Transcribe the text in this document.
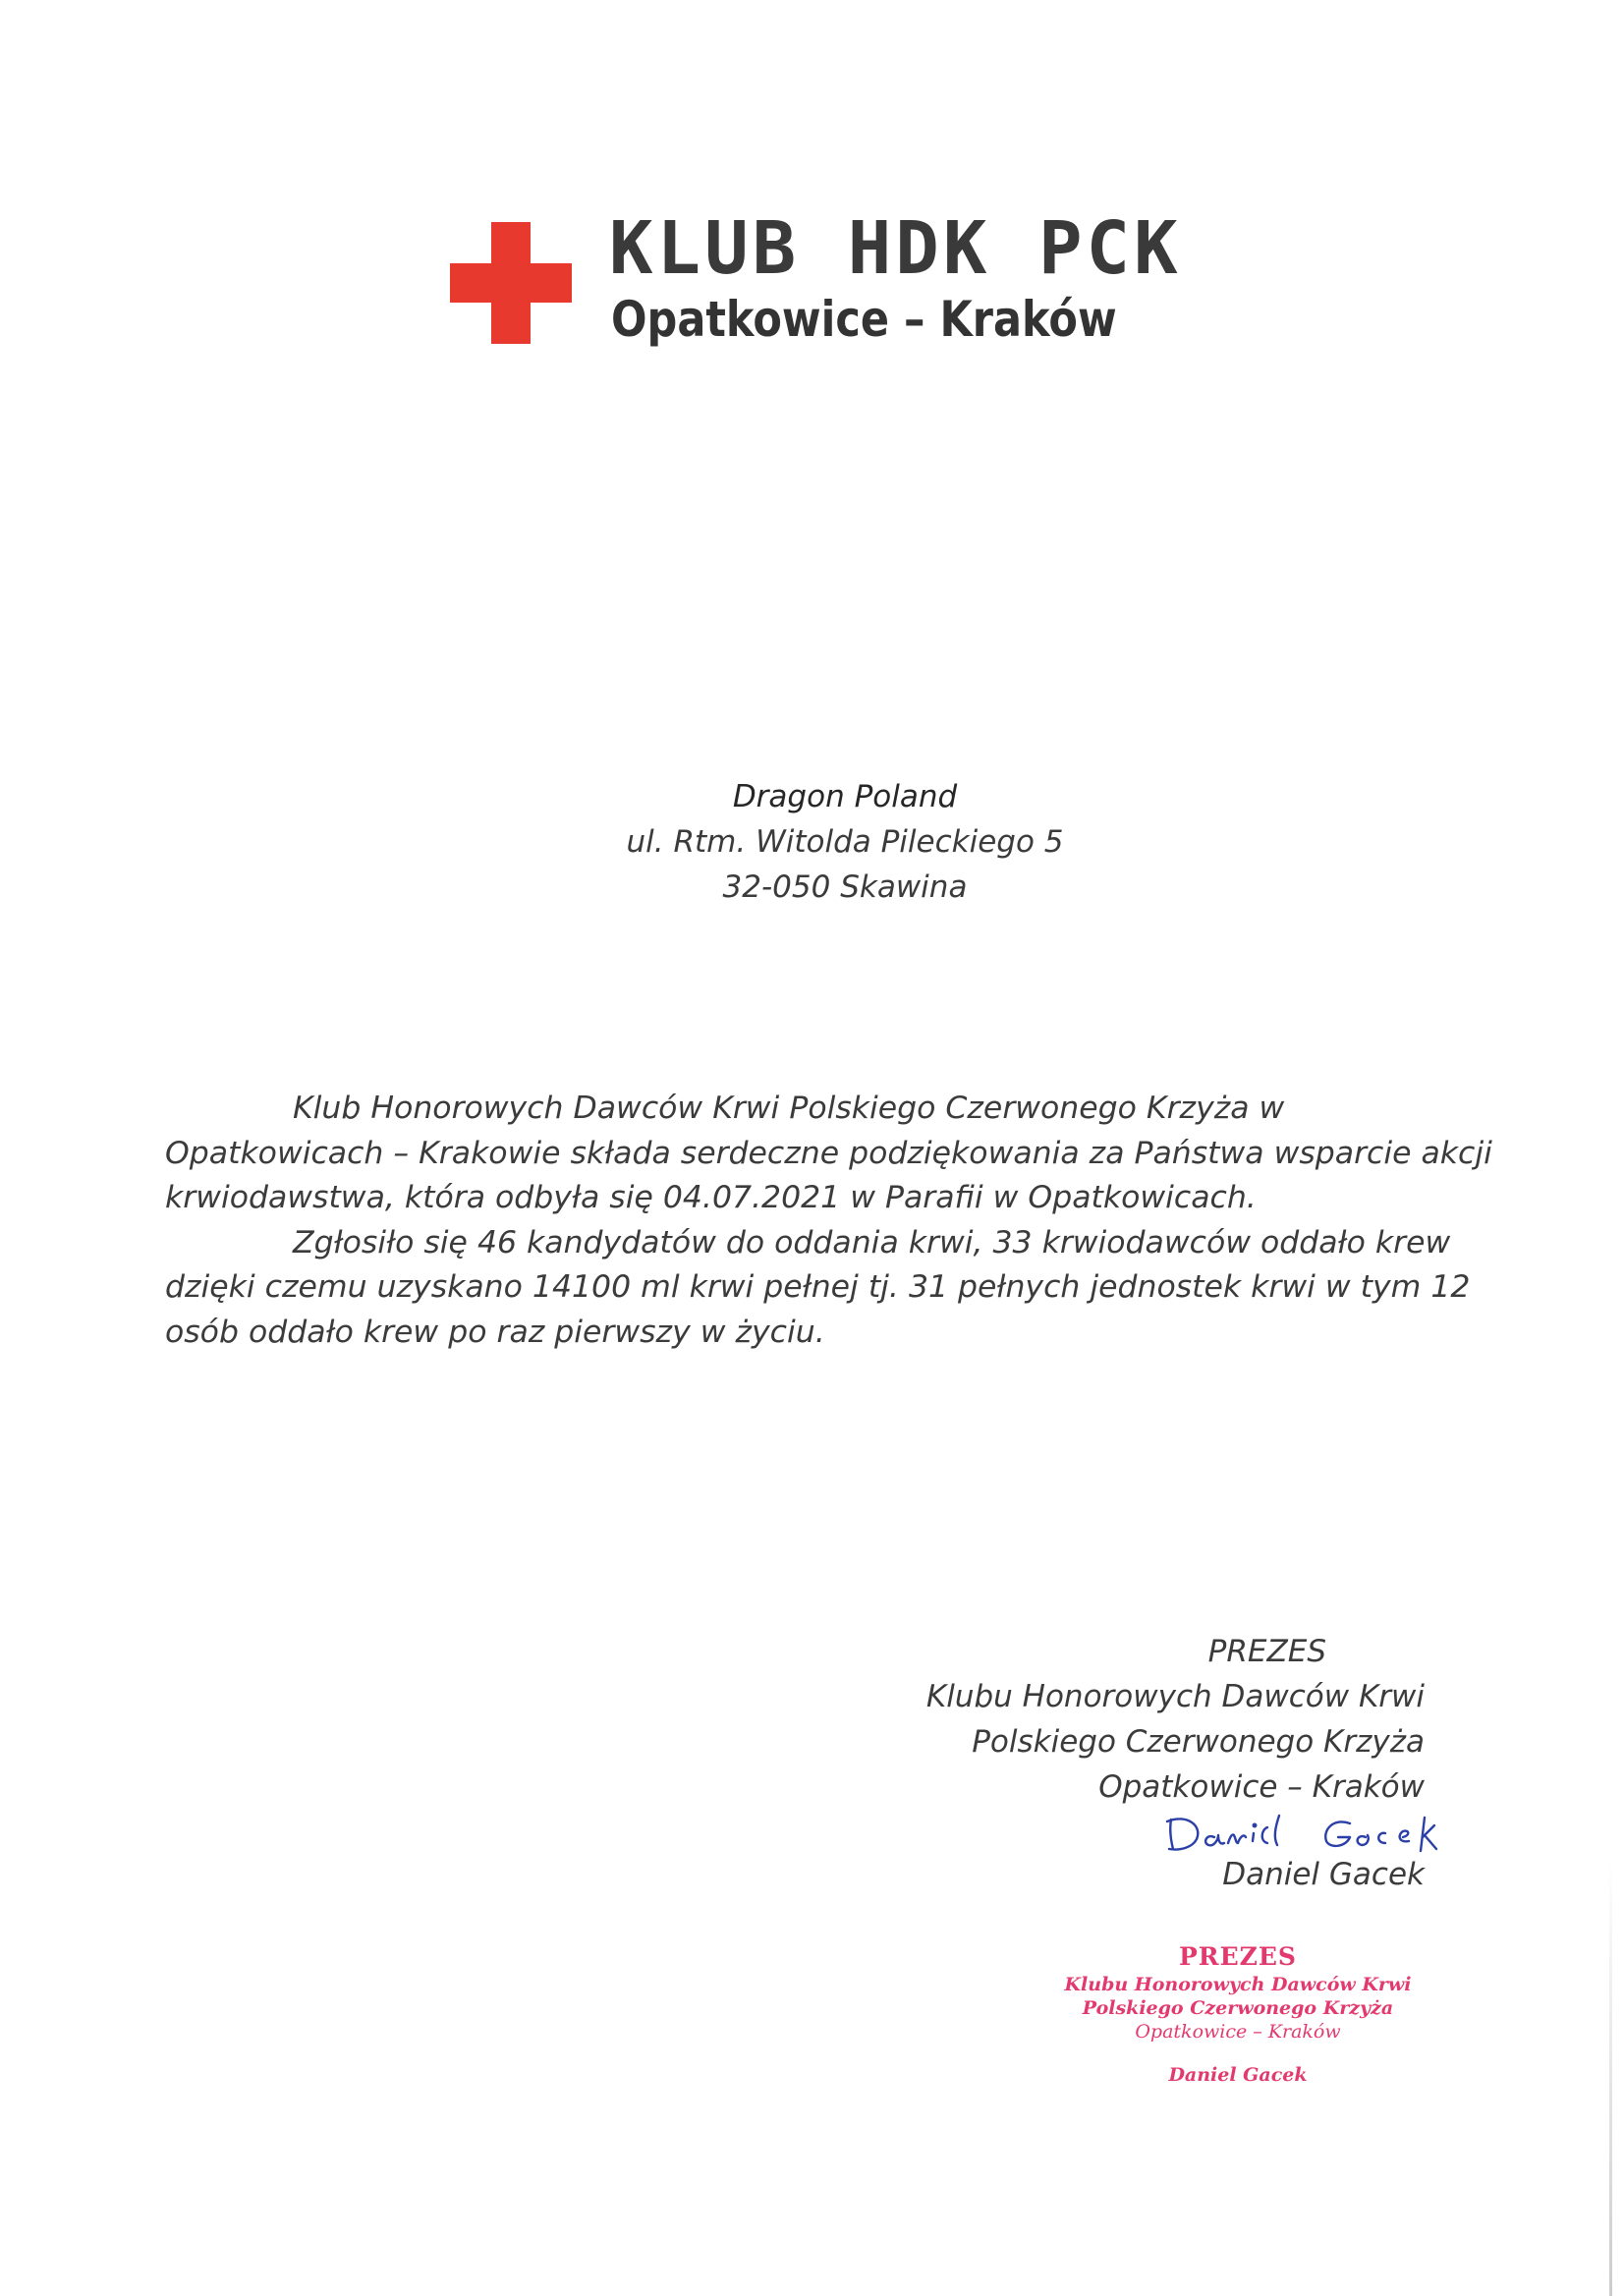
KLUB HDK PCK
Opatkowice – Kraków
Dragon Poland
ul. Rtm. Witolda Pileckiego 5
32-050 Skawina
Klub Honorowych Dawców Krwi Polskiego Czerwonego Krzyża w
Opatkowicach – Krakowie składa serdeczne podziękowania za Państwa wsparcie akcji
krwiodawstwa, która odbyła się 04.07.2021 w Parafii w Opatkowicach.
Zgłosiło się 46 kandydatów do oddania krwi, 33 krwiodawców oddało krew
dzięki czemu uzyskano 14100 ml krwi pełnej tj. 31 pełnych jednostek krwi w tym 12
osób oddało krew po raz pierwszy w życiu.
PREZES
Klubu Honorowych Dawców Krwi
Polskiego Czerwonego Krzyża
Opatkowice – Kraków
Daniel Gacek
PREZES
Klubu Honorowych Dawców Krwi
Polskiego Czerwonego Krzyża
Opatkowice – Kraków
Daniel Gacek
